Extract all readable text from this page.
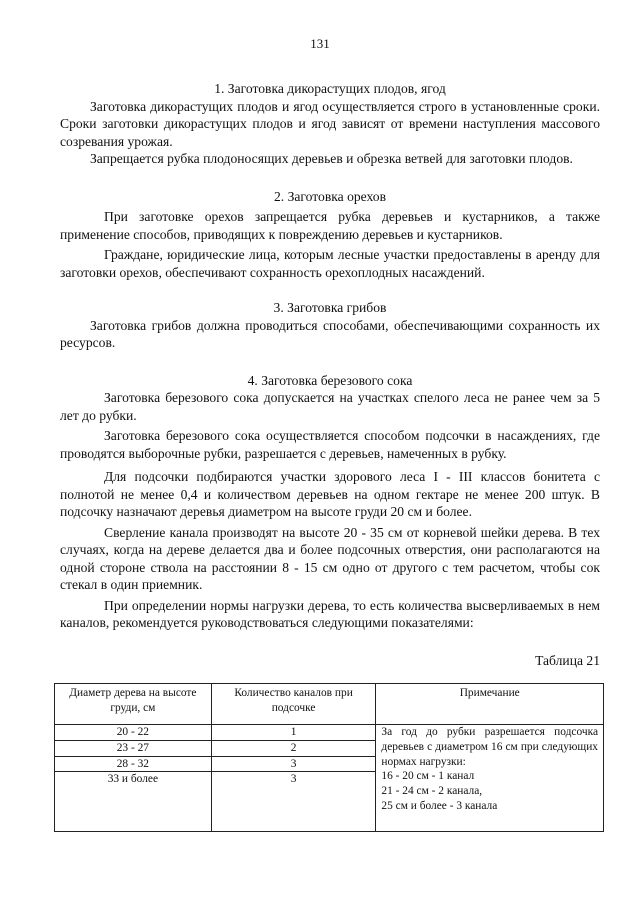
131

1. Заготовка дикорастущих плодов, ягод

Заготовка дикорастущих плодов и ягод осуществляется строго в установленные сроки. Сроки заготовки дикорастущих плодов и ягод зависят от времени наступления массового созревания урожая.

Запрещается рубка плодоносящих деревьев и обрезка ветвей для заготовки плодов.

2. Заготовка орехов

При заготовке орехов запрещается рубка деревьев и кустарников, а также применение способов, приводящих к повреждению деревьев и кустарников.

Граждане, юридические лица, которым лесные участки предоставлены в аренду для заготовки орехов, обеспечивают сохранность орехоплодных насаждений.

3. Заготовка грибов

Заготовка грибов должна проводиться способами, обеспечивающими сохранность их ресурсов.

4. Заготовка березового сока

Заготовка березового сока допускается на участках спелого леса не ранее чем за 5 лет до рубки.

Заготовка березового сока осуществляется способом подсочки в насаждениях, где проводятся выборочные рубки, разрешается с деревьев, намеченных в рубку.

Для подсочки подбираются участки здорового леса I - III классов бонитета с полнотой не менее 0,4 и количеством деревьев на одном гектаре не менее 200 штук. В подсочку назначают деревья диаметром на высоте груди 20 см и более.

Сверление канала производят на высоте 20 - 35 см от корневой шейки дерева. В тех случаях, когда на дереве делается два и более подсочных отверстия, они располагаются на одной стороне ствола на расстоянии 8 - 15 см одно от другого с тем расчетом, чтобы сок стекал в один приемник.

При определении нормы нагрузки дерева, то есть количества высверливаемых в нем каналов, рекомендуется руководствоваться следующими показателями:

Таблица 21

Диаметр дерева на высоте груди, см	Количество каналов при подсочке	Примечание
20 - 22	1	За год до рубки разрешается подсочка деревьев с диаметром 16 см при следующих нормах нагрузки:
16 - 20 см - 1 канал
21 - 24 см - 2 канала,
25 см и более - 3 канала

23 - 27	2	
28 - 32	3	
33 и более	3	
